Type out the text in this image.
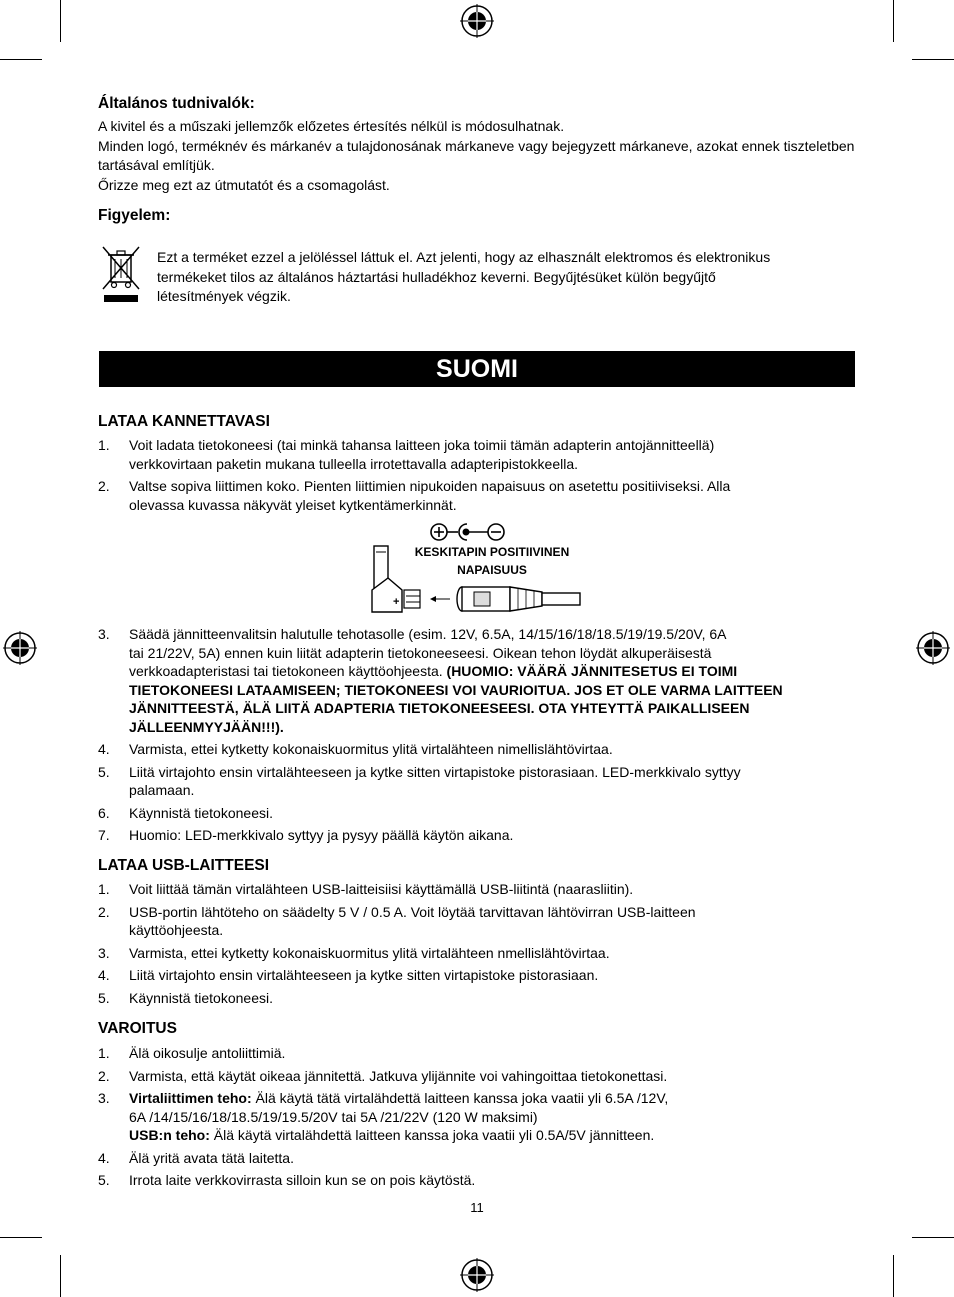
Általános tudnivalók:

A kivitel és a műszaki jellemzők előzetes értesítés nélkül is módosulhatnak.

Minden logó, terméknév és márkanév a tulajdonosának márkaneve vagy bejegyzett márkaneve, azokat ennek tiszteletben tartásával említjük.

Őrizze meg ezt az útmutatót és a csomagolást.

Figyelem:

Ezt a terméket ezzel a jelöléssel láttuk el. Azt jelenti, hogy az elhasznált elektromos és elektronikus

termékeket tilos az általános háztartási hulladékhoz keverni. Begyűjtésüket külön begyűjtő

létesítmények végzik.

SUOMI

LATAA KANNETTAVASI

1. Voit ladata tietokoneesi (tai minkä tahansa laitteen joka toimii tämän adapterin antojännitteellä)
verkkovirtaan paketin mukana tulleella irrotettavalla adapteripistokkeella.
2. Valtse sopiva liittimen koko. Pienten liittimien nipukoiden napaisuus on asetettu positiiviseksi. Alla
olevassa kuvassa näkyvät yleiset kytkentämerkinnät.
+
KESKITAPIN POSITIIVINEN
NAPAISUUS
3. Säädä jännitteenvalitsin halutulle tehotasolle (esim. 12V, 6.5A, 14/15/16/18/18.5/19/19.5/20V, 6A
tai 21/22V, 5A) ennen kuin liität adapterin tietokoneeseesi. Oikean tehon löydät alkuperäisestä
verkkoadapteristasi tai tietokoneen käyttöohjeesta. (HUOMIO: VÄÄRÄ JÄNNITESETUS EI TOIMI
TIETOKONEESI LATAAMISEEN; TIETOKONEESI VOI VAURIOITUA. JOS ET OLE VARMA LAITTEEN
JÄNNITTEESTÄ, ÄLÄ LIITÄ ADAPTERIA TIETOKONEESEESI. OTA YHTEYTTÄ PAIKALLISEEN
JÄLLEENMYYJÄÄN!!!).
4. Varmista, ettei kytketty kokonaiskuormitus ylitä virtalähteen nimellislähtövirtaa.
5. Liitä virtajohto ensin virtalähteeseen ja kytke sitten virtapistoke pistorasiaan. LED-merkkivalo syttyy
palamaan.
6. Käynnistä tietokoneesi.
7. Huomio: LED-merkkivalo syttyy ja pysyy päällä käytön aikana.

LATAA USB-LAITTEESI

1. Voit liittää tämän virtalähteen USB-laitteisiisi käyttämällä USB-liitintä (naarasliitin).
2. USB-portin lähtöteho on säädelty 5 V / 0.5 A. Voit löytää tarvittavan lähtövirran USB-laitteen
käyttöohjeesta.
3. Varmista, ettei kytketty kokonaiskuormitus ylitä virtalähteen nmellislähtövirtaa.
4. Liitä virtajohto ensin virtalähteeseen ja kytke sitten virtapistoke pistorasiaan.
5. Käynnistä tietokoneesi.

VAROITUS

1. Älä oikosulje antoliittimiä.
2. Varmista, että käytät oikeaa jännitettä. Jatkuva ylijännite voi vahingoittaa tietokonettasi.
3. Virtaliittimen teho: Älä käytä tätä virtalähdettä laitteen kanssa joka vaatii yli 6.5A /12V,
6A /14/15/16/18/18.5/19/19.5/20V tai 5A /21/22V (120 W maksimi)
USB:n teho: Älä käytä virtalähdettä laitteen kanssa joka vaatii yli 0.5A/5V jännitteen.
4. Älä yritä avata tätä laitetta.
5. Irrota laite verkkovirrasta silloin kun se on pois käytöstä.
11
